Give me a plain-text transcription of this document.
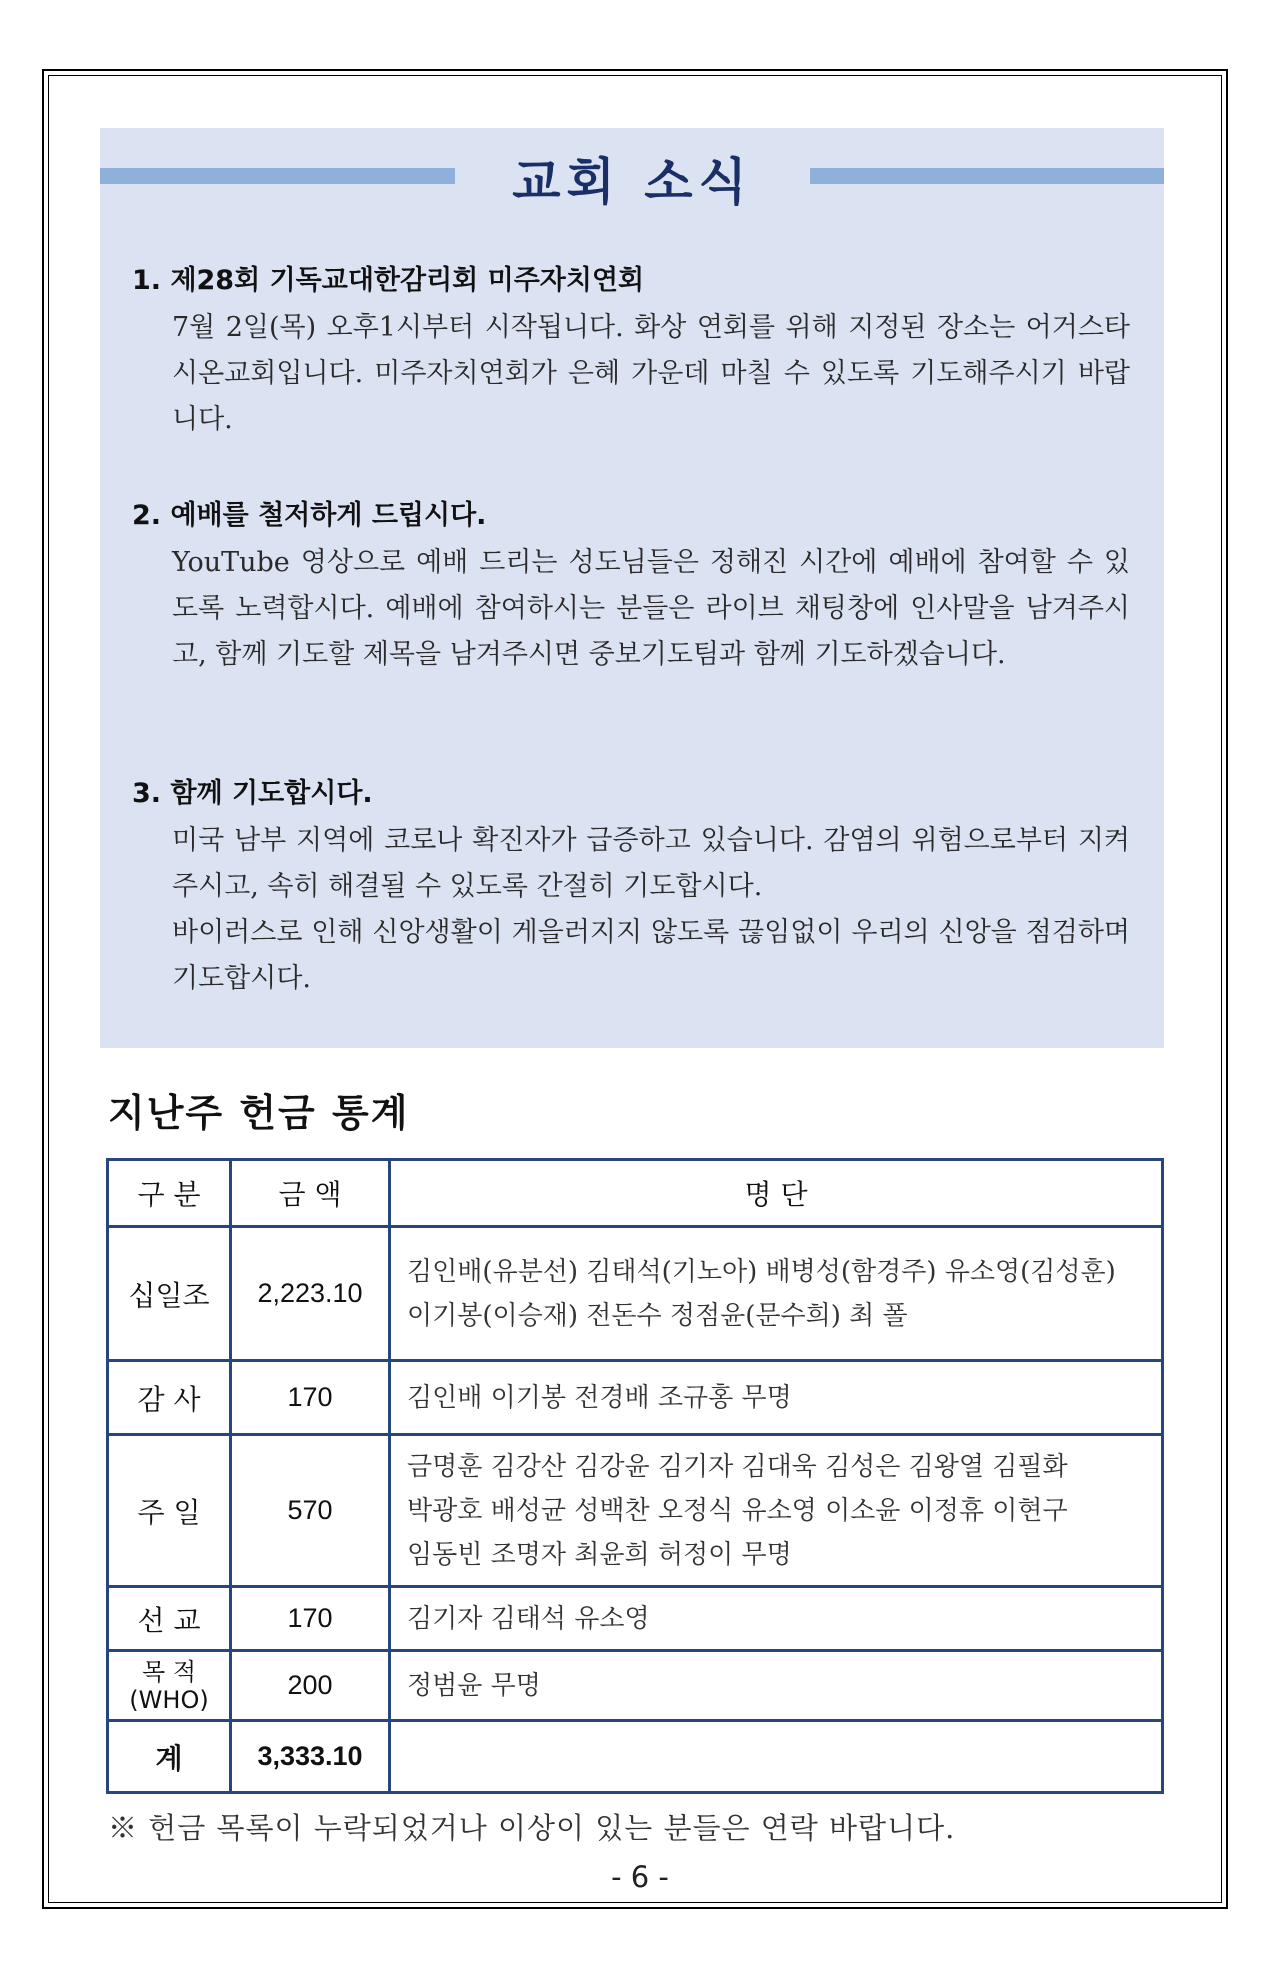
교회 소식
1. 제28회 기독교대한감리회 미주자치연회
7월 2일(목) 오후1시부터 시작됩니다. 화상 연회를 위해 지정된 장소는 어거스타시온교회입니다. 미주자치연회가 은혜 가운데 마칠 수 있도록 기도해주시기 바랍니다.
2. 예배를 철저하게 드립시다.
YouTube 영상으로 예배 드리는 성도님들은 정해진 시간에 예배에 참여할 수 있도록 노력합시다. 예배에 참여하시는 분들은 라이브 채팅창에 인사말을 남겨주시고, 함께 기도할 제목을 남겨주시면 중보기도팀과 함께 기도하겠습니다.
3. 함께 기도합시다.
미국 남부 지역에 코로나 확진자가 급증하고 있습니다. 감염의 위험으로부터 지켜주시고, 속히 해결될 수 있도록 간절히 기도합시다.
바이러스로 인해 신앙생활이 게을러지지 않도록 끊임없이 우리의 신앙을 점검하며 기도합시다.
지난주 헌금 통계
구 분	금 액	명 단
십일조	2,223.10	김인배(유분선) 김태석(기노아) 배병성(함경주) 유소영(김성훈)
이기봉(이승재) 전돈수 정점윤(문수희) 최 폴

감 사	170	김인배 이기봉 전경배 조규홍 무명

주 일	570	금명훈 김강산 김강윤 김기자 김대욱 김성은 김왕열 김필화
박광호 배성균 성백찬 오정식 유소영 이소윤 이정휴 이현구
임동빈 조명자 최윤희 허정이 무명

선 교	170	김기자 김태석 유소영

목 적
(WHO)	200	정범윤 무명

계	3,333.10	
※ 헌금 목록이 누락되었거나 이상이 있는 분들은 연락 바랍니다.
- 6 -
